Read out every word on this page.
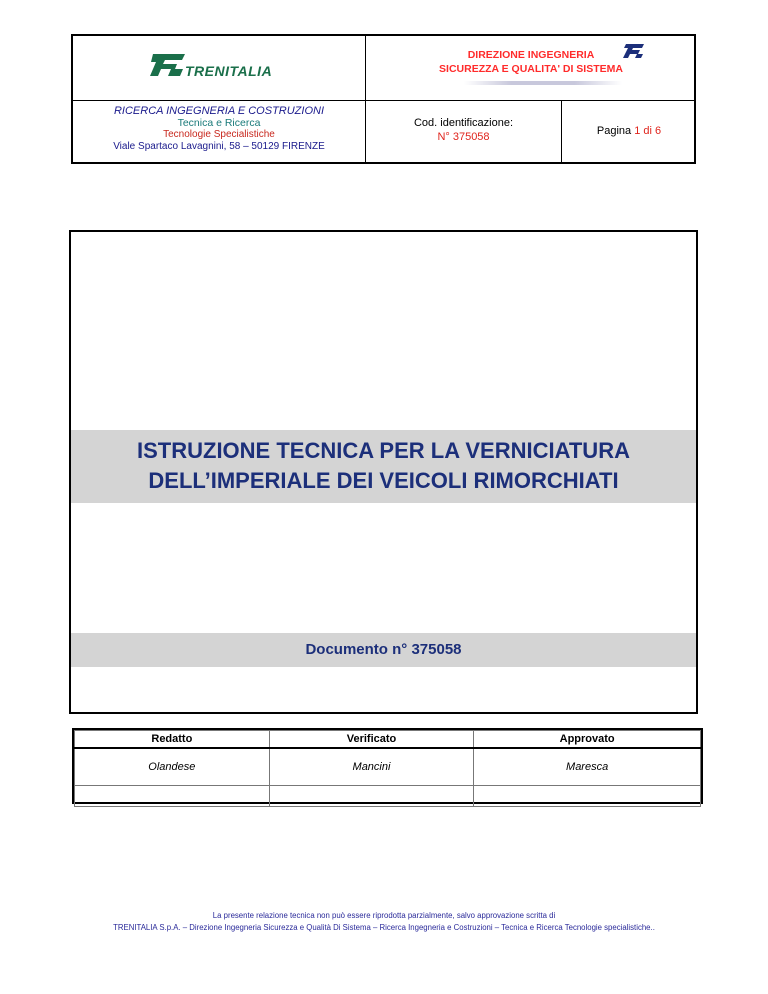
TRENITALIA
DIREZIONE INGEGNERIA
SICUREZZA E QUALITA' DI SISTEMA
RICERCA INGEGNERIA E COSTRUZIONI
Tecnica e Ricerca
Tecnologie Specialistiche
Viale Spartaco Lavagnini, 58 – 50129 FIRENZE
Cod. identificazione:
N° 375058	Pagina 1 di 6
ISTRUZIONE TECNICA PER LA VERNICIATURA
DELL’IMPERIALE DEI VEICOLI RIMORCHIATI
Documento n° 375058
Redatto	Verificato	Approvato
Olandese	Mancini	Maresca

La presente relazione tecnica non può essere riprodotta parzialmente, salvo approvazione scritta di
TRENITALIA S.p.A. – Direzione Ingegneria Sicurezza e Qualità Di Sistema – Ricerca Ingegneria e Costruzioni – Tecnica e Ricerca Tecnologie specialistiche..
